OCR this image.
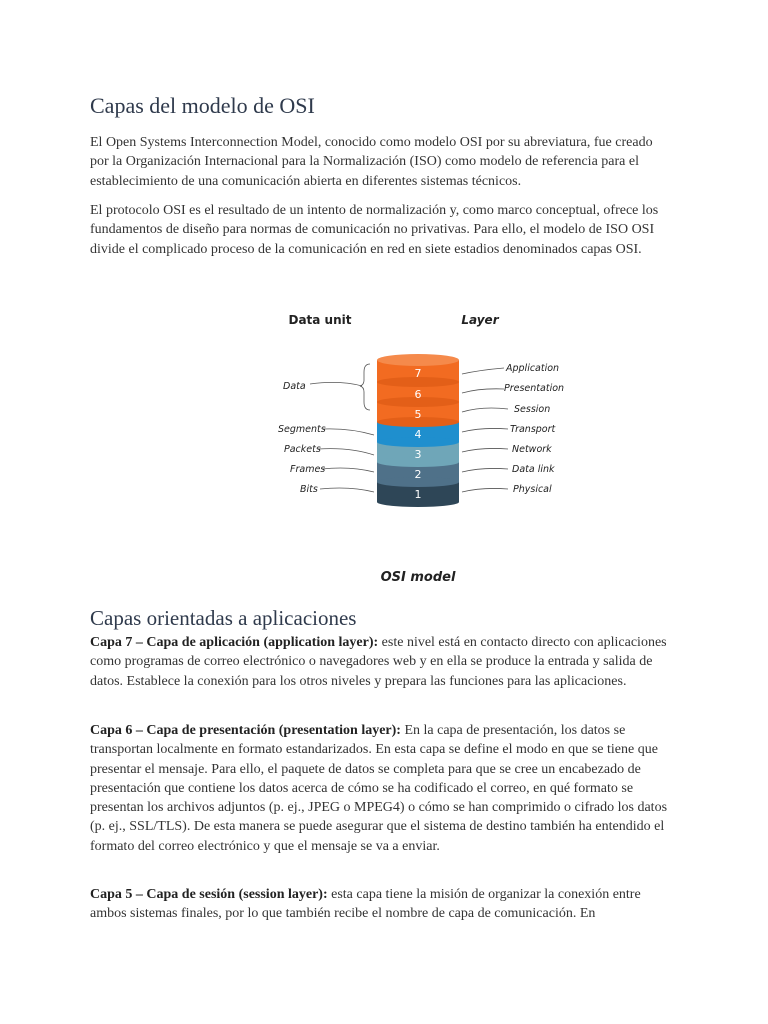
Capas del modelo de OSI

El Open Systems Interconnection Model, conocido como modelo OSI por su abreviatura, fue creado por la Organización Internacional para la Normalización (ISO) como modelo de referencia para el establecimiento de una comunicación abierta en diferentes sistemas técnicos.

El protocolo OSI es el resultado de un intento de normalización y, como marco conceptual, ofrece los fundamentos de diseño para normas de comunicación no privativas. Para ello, el modelo de ISO OSI divide el complicado proceso de la comunicación en red en siete estadios denominados capas OSI.

Data unit	Layer
1
2
3
4
5
6
7	Application
Presentation
Session
Transport
Network
Data link
Physical
Data
Segments
Packets
Frames
Bits
OSI model
Capas orientadas a aplicaciones

Capa 7 – Capa de aplicación (application layer): este nivel está en contacto directo con aplicaciones como programas de correo electrónico o navegadores web y en ella se produce la entrada y salida de datos. Establece la conexión para los otros niveles y prepara las funciones para las aplicaciones.

Capa 6 – Capa de presentación (presentation layer): En la capa de presentación, los datos se transportan localmente en formato estandarizados. En esta capa se define el modo en que se tiene que presentar el mensaje. Para ello, el paquete de datos se completa para que se cree un encabezado de presentación que contiene los datos acerca de cómo se ha codificado el correo, en qué formato se presentan los archivos adjuntos (p. ej., JPEG o MPEG4) o cómo se han comprimido o cifrado los datos (p. ej., SSL/TLS). De esta manera se puede asegurar que el sistema de destino también ha entendido el formato del correo electrónico y que el mensaje se va a enviar.

Capa 5 – Capa de sesión (session layer): esta capa tiene la misión de organizar la conexión entre ambos sistemas finales, por lo que también recibe el nombre de capa de comunicación. En
